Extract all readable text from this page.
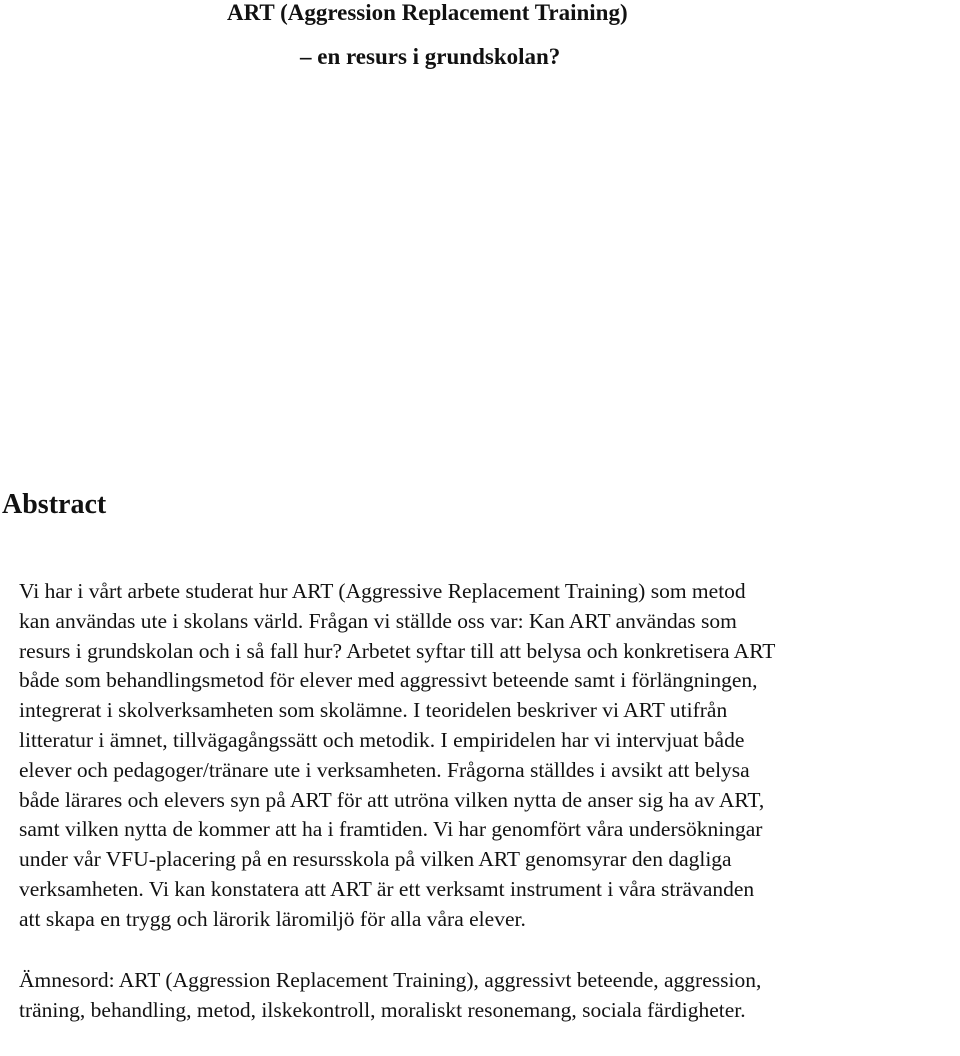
ART (Aggression Replacement Training)
– en resurs i grundskolan?
Abstract

Vi har i vårt arbete studerat hur ART (Aggressive Replacement Training) som metod
kan användas ute i skolans värld. Frågan vi ställde oss var: Kan ART användas som
resurs i grundskolan och i så fall hur? Arbetet syftar till att belysa och konkretisera ART
både som behandlingsmetod för elever med aggressivt beteende samt i förlängningen,
integrerat i skolverksamheten som skolämne. I teoridelen beskriver vi ART utifrån
litteratur i ämnet, tillvägagångssätt och metodik. I empiridelen har vi intervjuat både
elever och pedagoger/tränare ute i verksamheten. Frågorna ställdes i avsikt att belysa
både lärares och elevers syn på ART för att utröna vilken nytta de anser sig ha av ART,
samt vilken nytta de kommer att ha i framtiden. Vi har genomfört våra undersökningar
under vår VFU-placering på en resursskola på vilken ART genomsyrar den dagliga
verksamheten. Vi kan konstatera att ART är ett verksamt instrument i våra strävanden
att skapa en trygg och lärorik läromiljö för alla våra elever.

Ämnesord: ART (Aggression Replacement Training), aggressivt beteende, aggression,
träning, behandling, metod, ilskekontroll, moraliskt resonemang, sociala färdigheter.
